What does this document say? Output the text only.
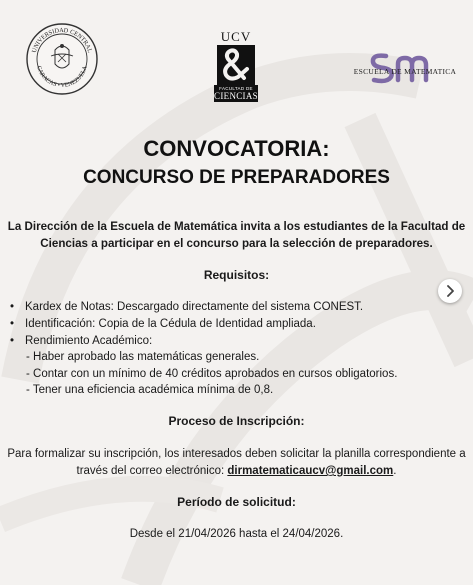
UNIVERSIDAD CENTRAL
CARACAS • VENEZUELA
UCV
FACULTAD DE
CIENCIAS
ESCUELA DE MATEMATICA
CONVOCATORIA:
CONCURSO DE PREPARADORES
La Dirección de la Escuela de Matemática invita a los estudiantes de la Facultad de
Ciencias a participar en el concurso para la selección de preparadores.
Requisitos:
• Kardex de Notas: Descargado directamente del sistema CONEST.
• Identificación: Copia de la Cédula de Identidad ampliada.
• Rendimiento Académico:
- Haber aprobado las matemáticas generales.
- Contar con un mínimo de 40 créditos aprobados en cursos obligatorios.
- Tener una eficiencia académica mínima de 0,8.
Proceso de Inscripción:
Para formalizar su inscripción, los interesados deben solicitar la planilla correspondiente a
través del correo electrónico: dirmatematicaucv@gmail.com.
Período de solicitud:
Desde el 21/04/2026 hasta el 24/04/2026.
